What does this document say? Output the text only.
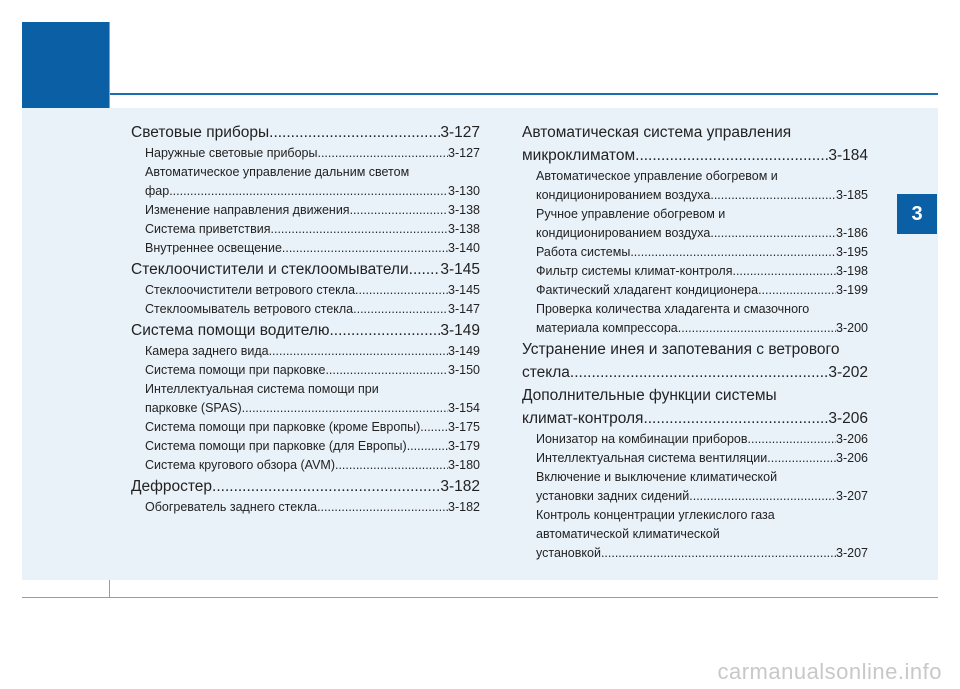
3
Световые приборы .....	3-127
Наружные световые приборы .....	3-127
Автоматическое управление дальним светом
фар .....	3-130
Изменение направления движения .....	3-138
Система приветствия .....	3-138
Внутреннее освещение .....	3-140
Стеклоочистители и стеклоомыватели ..... 3-145
Стеклоочистители ветрового стекла .....	3-145
Стеклоомыватель ветрового стекла .....	3-147
Система помощи водителю .....	3-149
Камера заднего вида .....	3-149
Система помощи при парковке .....	3-150
Интеллектуальная система помощи при
парковке (SPAS) .....	3-154
Система помощи при парковке (кроме Европы) ..... 3-175
Система помощи при парковке (для Европы) .....	3-179
Система кругового обзора (AVM) .....	3-180
Дефростер .....	3-182
Обогреватель заднего стекла .....	3-182
Автоматическая система управления
микроклиматом .....	3-184
Автоматическое управление обогревом и
кондиционированием воздуха .....	3-185
Ручное управление обогревом и
кондиционированием воздуха .....	3-186
Работа системы .....	3-195
Фильтр системы климат-контроля .....	3-198
Фактический хладагент кондиционера .....	3-199
Проверка количества хладагента и смазочного
материала компрессора .....	3-200
Устранение инея и запотевания с ветрового
стекла .....	3-202
Дополнительные функции системы
климат-контроля .....	3-206
Ионизатор на комбинации приборов .....	3-206
Интеллектуальная система вентиляции .....	3-206
Включение и выключение климатической
установки задних сидений .....	3-207
Контроль концентрации углекислого газа
автоматической климатической
установкой .....	3-207
carmanualsonline.info
